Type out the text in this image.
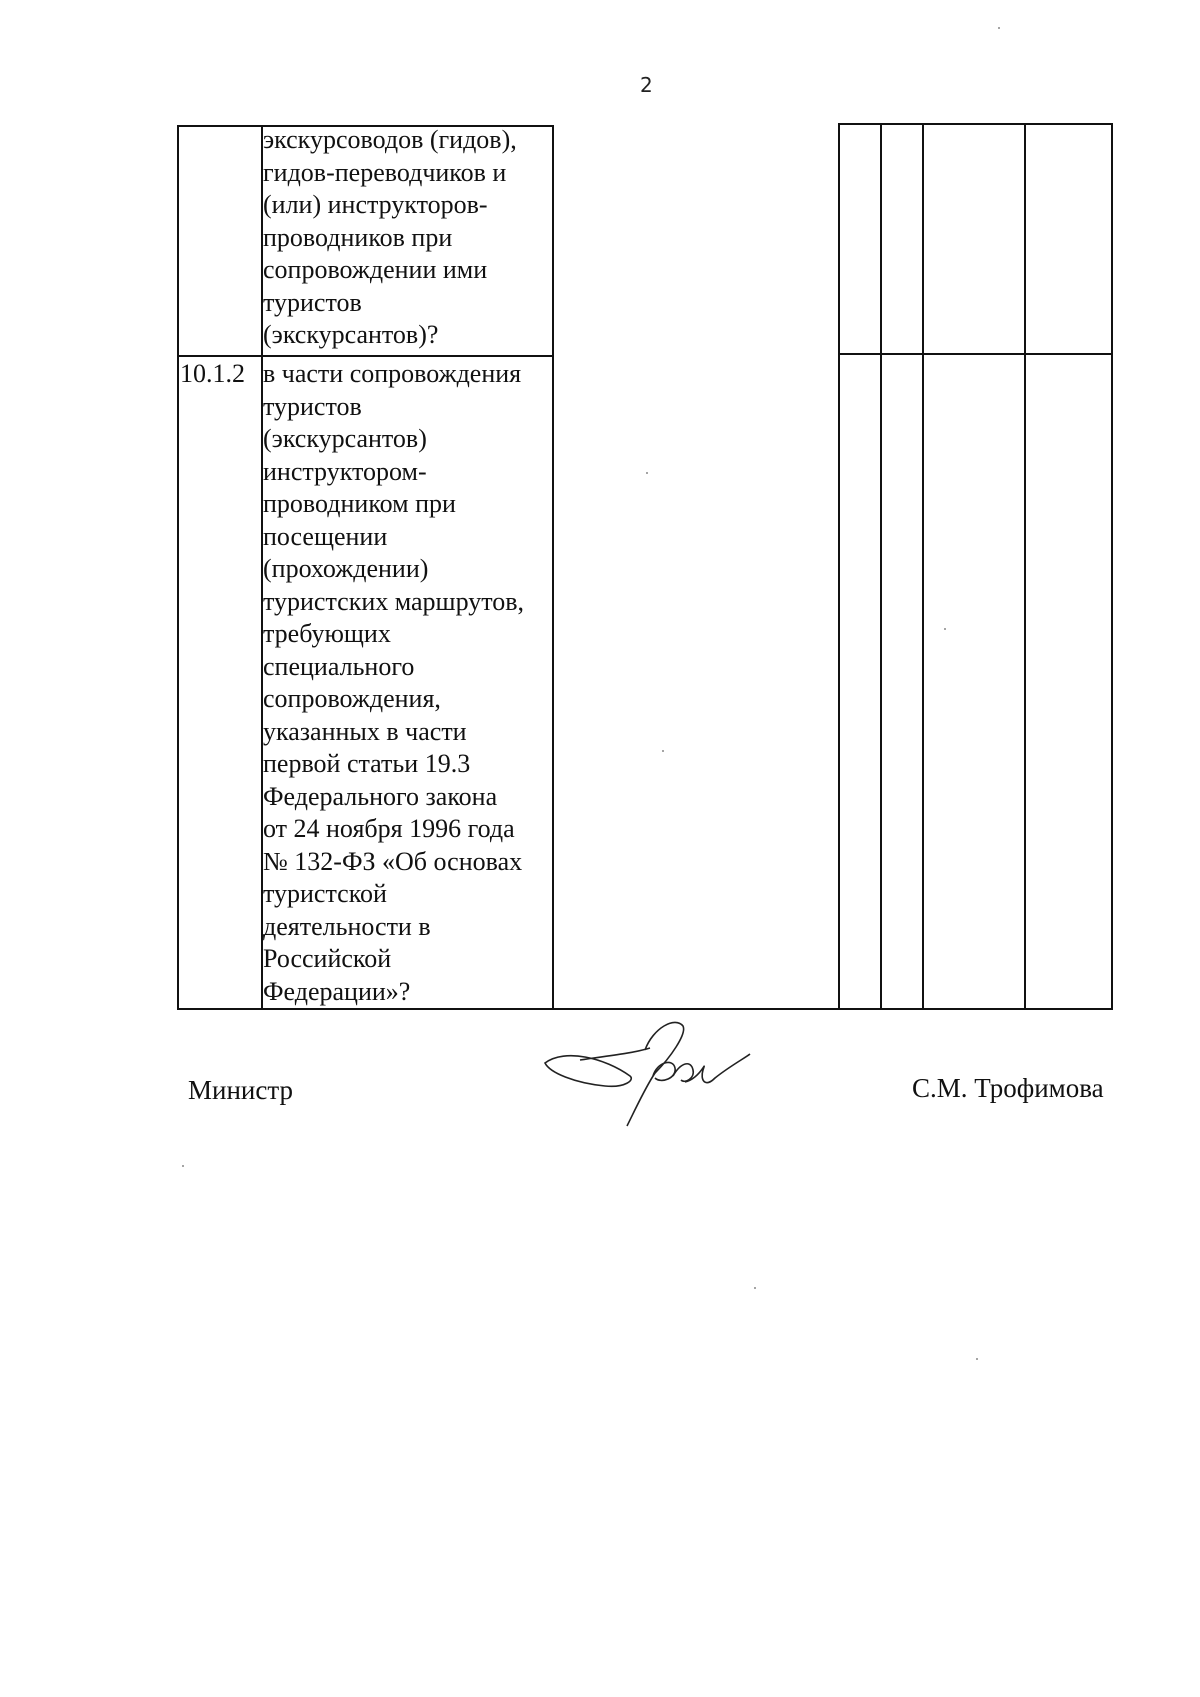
2
экскурсоводов (гидов),
гидов-переводчиков и
(или) инструкторов-
проводников при
сопровождении ими
туристов
(экскурсантов)?
10.1.2 в части сопровождения
туристов
(экскурсантов)
инструктором-
проводником при
посещении
(прохождении)
туристских маршрутов,
требующих
специального
сопровождения,
указанных в части
первой статьи 19.3
Федерального закона
от 24 ноября 1996 года
№ 132-ФЗ «Об основах
туристской
деятельности в
Российской
Федерации»?
Министр	С.М. Трофимова
